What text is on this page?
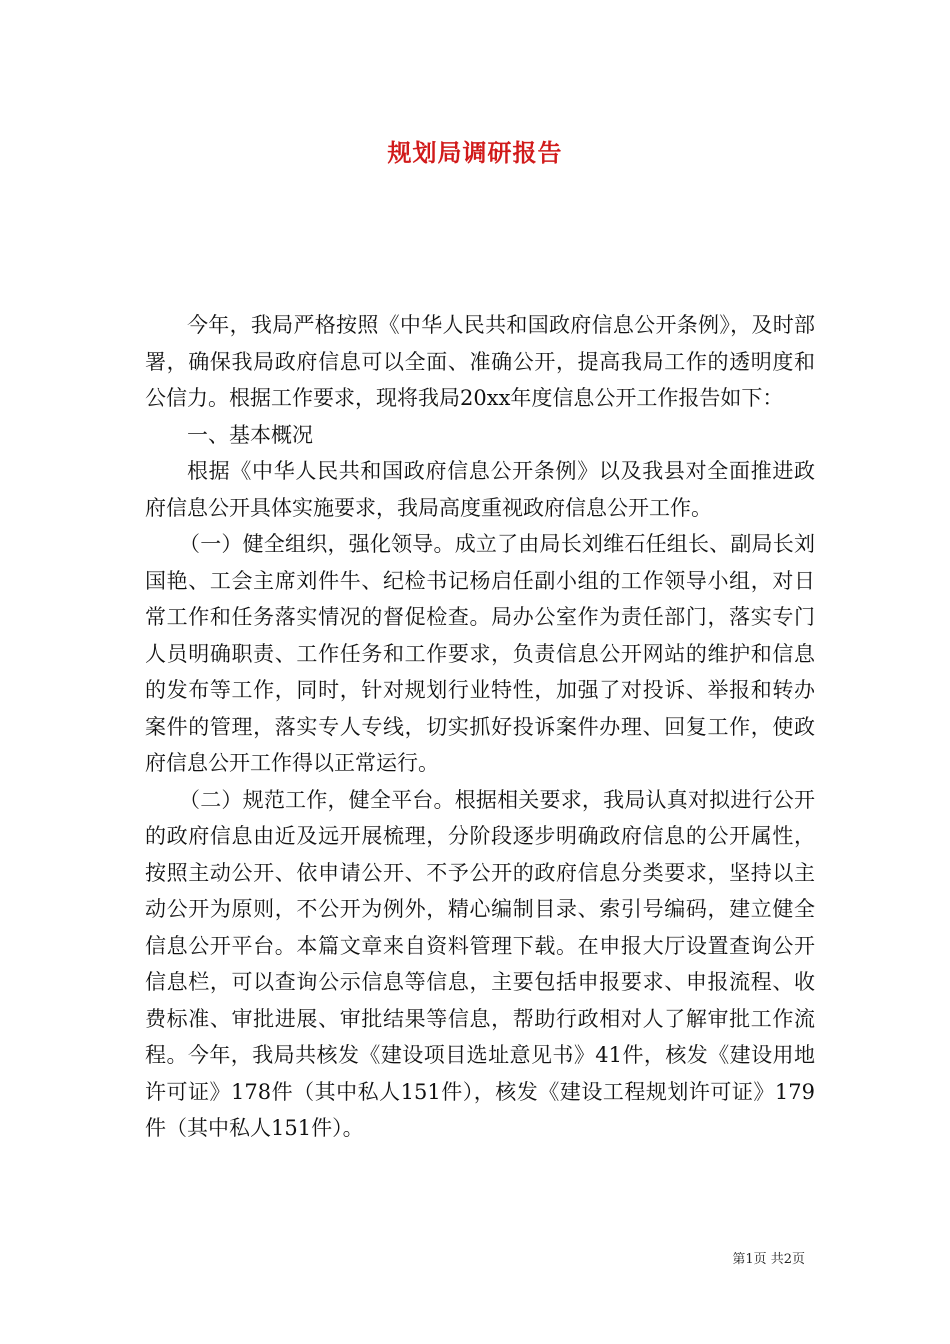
规划局调研报告

今年，我局严格按照《中华人民共和国政府信息公开条例》，及时部署，确保我局政府信息可以全面、准确公开，提高我局工作的透明度和公信力。根据工作要求，现将我局20xx年度信息公开工作报告如下：

一、基本概况

根据《中华人民共和国政府信息公开条例》以及我县对全面推进政府信息公开具体实施要求，我局高度重视政府信息公开工作。

（一）健全组织，强化领导。成立了由局长刘维石任组长、副局长刘国艳、工会主席刘件牛、纪检书记杨启任副小组的工作领导小组，对日常工作和任务落实情况的督促检查。局办公室作为责任部门，落实专门人员明确职责、工作任务和工作要求，负责信息公开网站的维护和信息的发布等工作，同时，针对规划行业特性，加强了对投诉、举报和转办案件的管理，落实专人专线，切实抓好投诉案件办理、回复工作，使政府信息公开工作得以正常运行。

（二）规范工作，健全平台。根据相关要求，我局认真对拟进行公开的政府信息由近及远开展梳理，分阶段逐步明确政府信息的公开属性，按照主动公开、依申请公开、不予公开的政府信息分类要求，坚持以主动公开为原则，不公开为例外，精心编制目录、索引号编码，建立健全信息公开平台。本篇文章来自资料管理下载。在申报大厅设置查询公开信息栏，可以查询公示信息等信息，主要包括申报要求、申报流程、收费标准、审批进展、审批结果等信息，帮助行政相对人了解审批工作流程。今年，我局共核发《建设项目选址意见书》41件，核发《建设用地许可证》178件（其中私人151件），核发《建设工程规划许可证》179件（其中私人151件）。

第1页 共2页
